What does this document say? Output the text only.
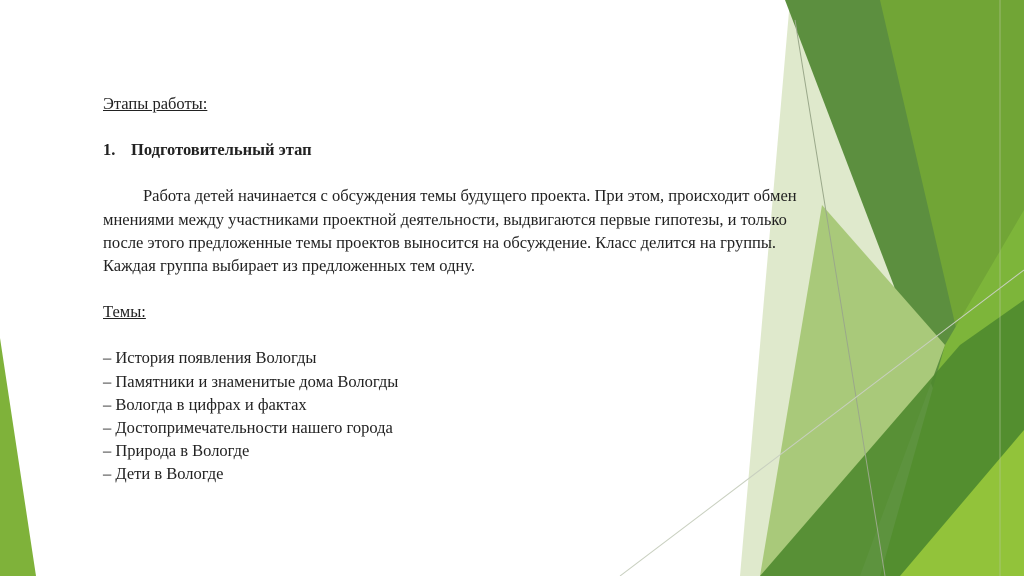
Этапы работы:
1. Подготовительный этап
Работа детей начинается с обсуждения темы будущего проекта. При этом, происходит обмен мнениями между участниками проектной деятельности, выдвигаются первые гипотезы, и только после этого предложенные темы проектов выносится на обсуждение. Класс делится на группы. Каждая группа выбирает из предложенных тем одну.
Темы:
– История появления Вологды
– Памятники и знаменитые дома Вологды
– Вологда в цифрах и фактах
– Достопримечательности нашего города
– Природа в Вологде
– Дети в Вологде
